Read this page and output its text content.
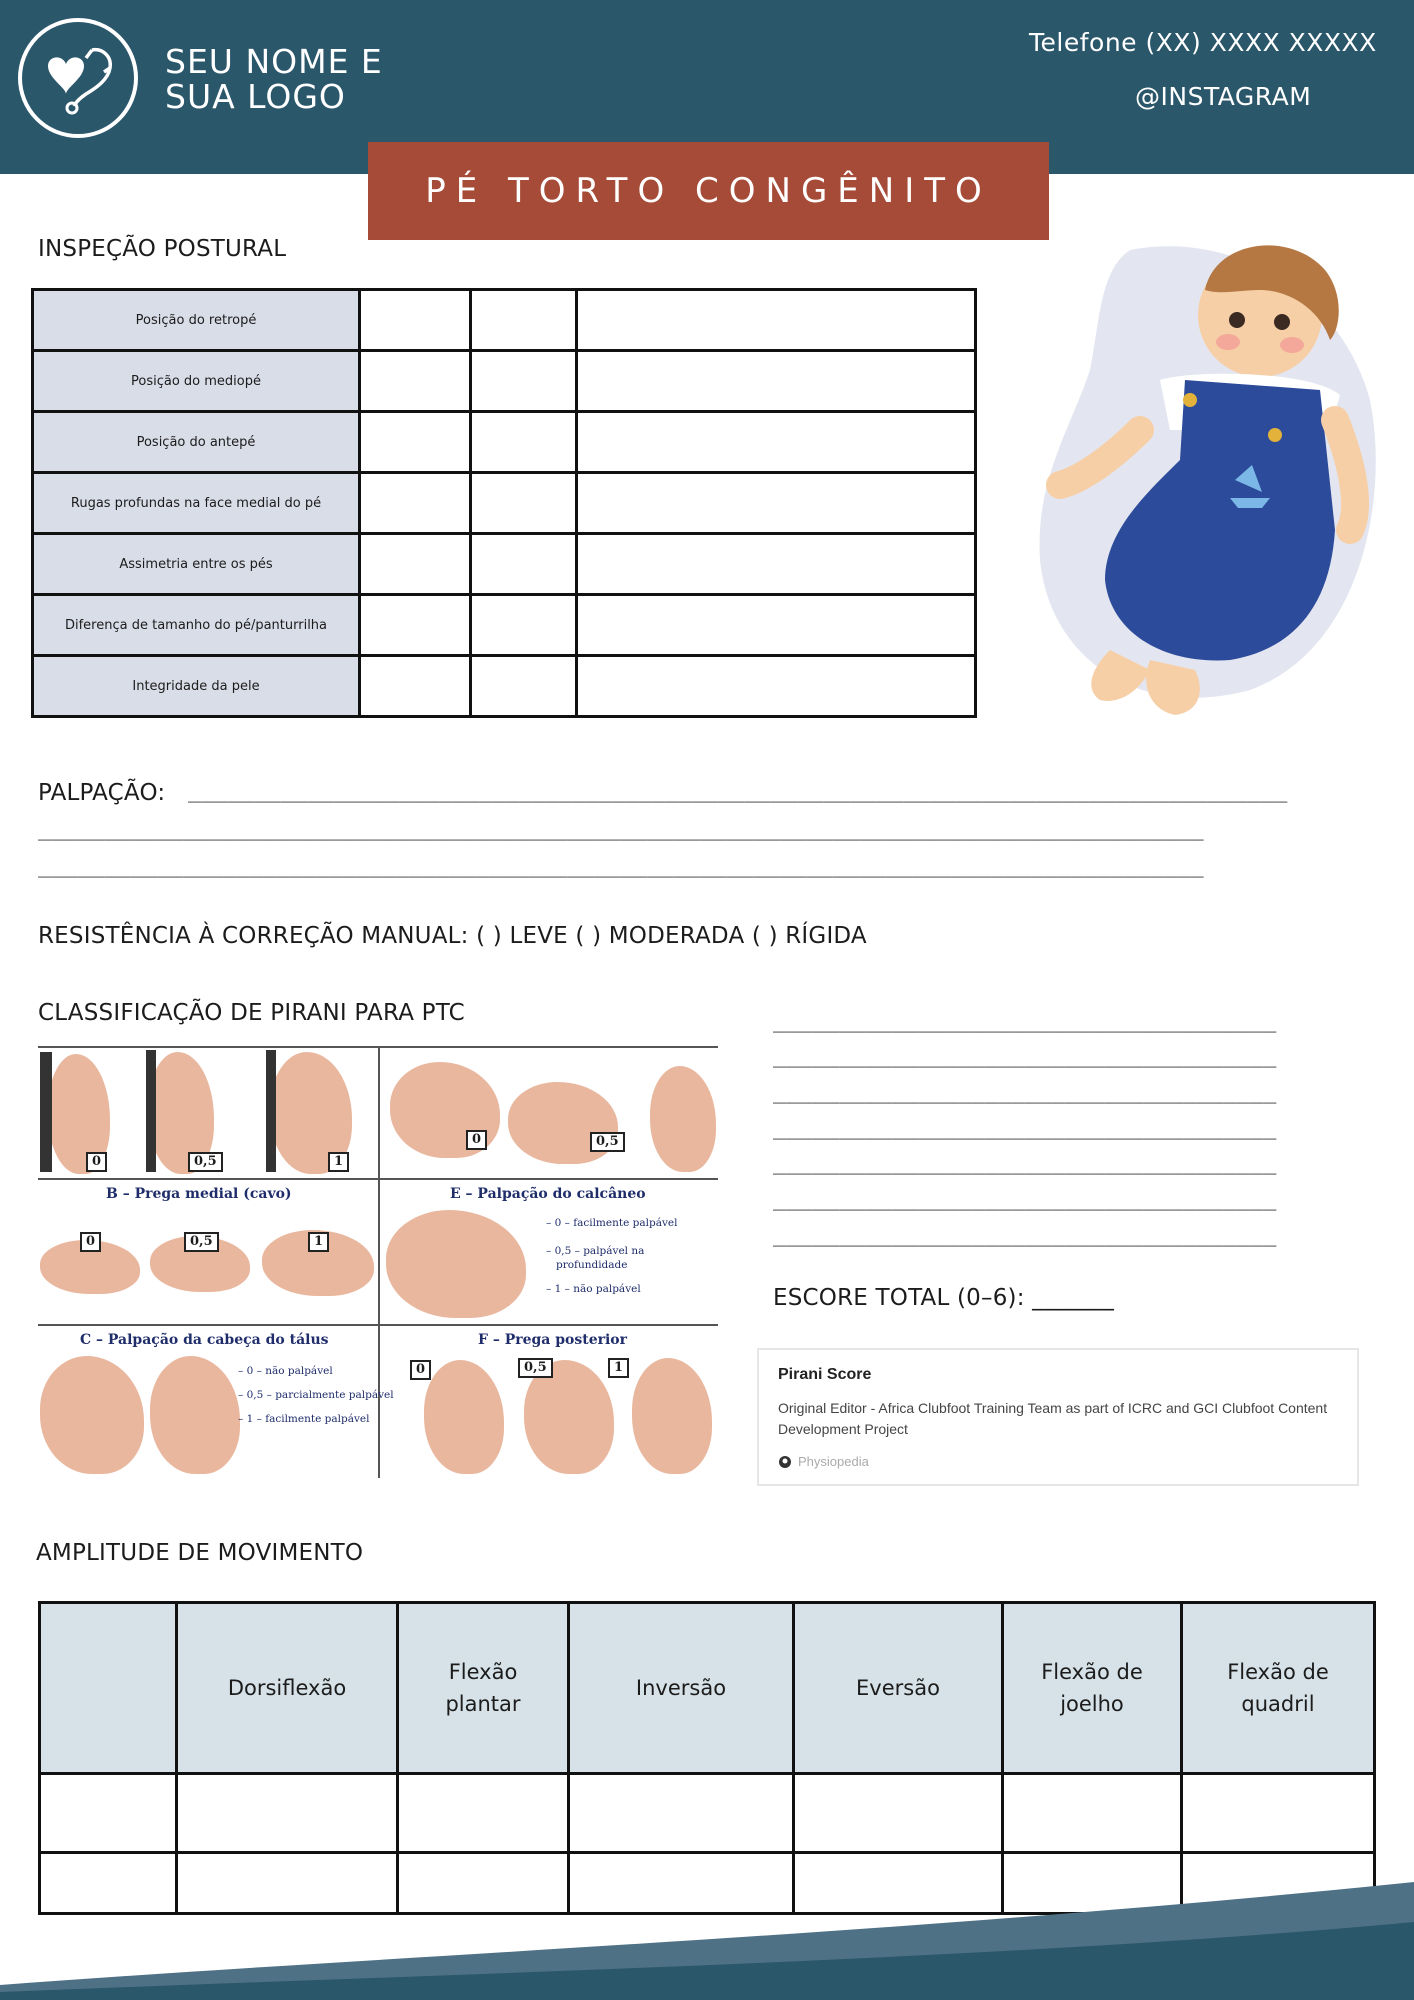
SEU NOME E
SUA LOGO
Telefone (XX) XXXX XXXXX
@INSTAGRAM
PÉ TORTO CONGÊNITO
INSPEÇÃO POSTURAL
Posição do retropé			
Posição do mediopé			
Posição do antepé			
Rugas profundas na face medial do pé			
Assimetria entre os pés			
Diferença de tamanho do pé/panturrilha			
Integridade da pele			
PALPAÇÃO: ___________________________________________________________________________________
________________________________________________________________________________________
________________________________________________________________________________________
RESISTÊNCIA À CORREÇÃO MANUAL: ( ) LEVE ( ) MODERADA ( ) RÍGIDA
CLASSIFICAÇÃO DE PIRANI PARA PTC
0	0,5	1
0	0,5
B – Prega medial (cavo)
0	0,5	1
E – Palpação do calcâneo
– 0 – facilmente palpável
– 0,5 – palpável na
profundidade
– 1 – não palpável
C – Palpação da cabeça do tálus
– 0 – não palpável
– 0,5 – parcialmente palpável
– 1 – facilmente palpável
F – Prega posterior
0	0,5	1
______________________________________
______________________________________
______________________________________
______________________________________
______________________________________
______________________________________
______________________________________
ESCORE TOTAL (0–6): _______
Pirani Score
Original Editor - Africa Clubfoot Training Team as part of ICRC and GCI Clubfoot Content Development Project
Physiopedia
AMPLITUDE DE MOVIMENTO
	Dorsiflexão	Flexão plantar	Inversão	Eversão	Flexão de joelho	Flexão de quadril
